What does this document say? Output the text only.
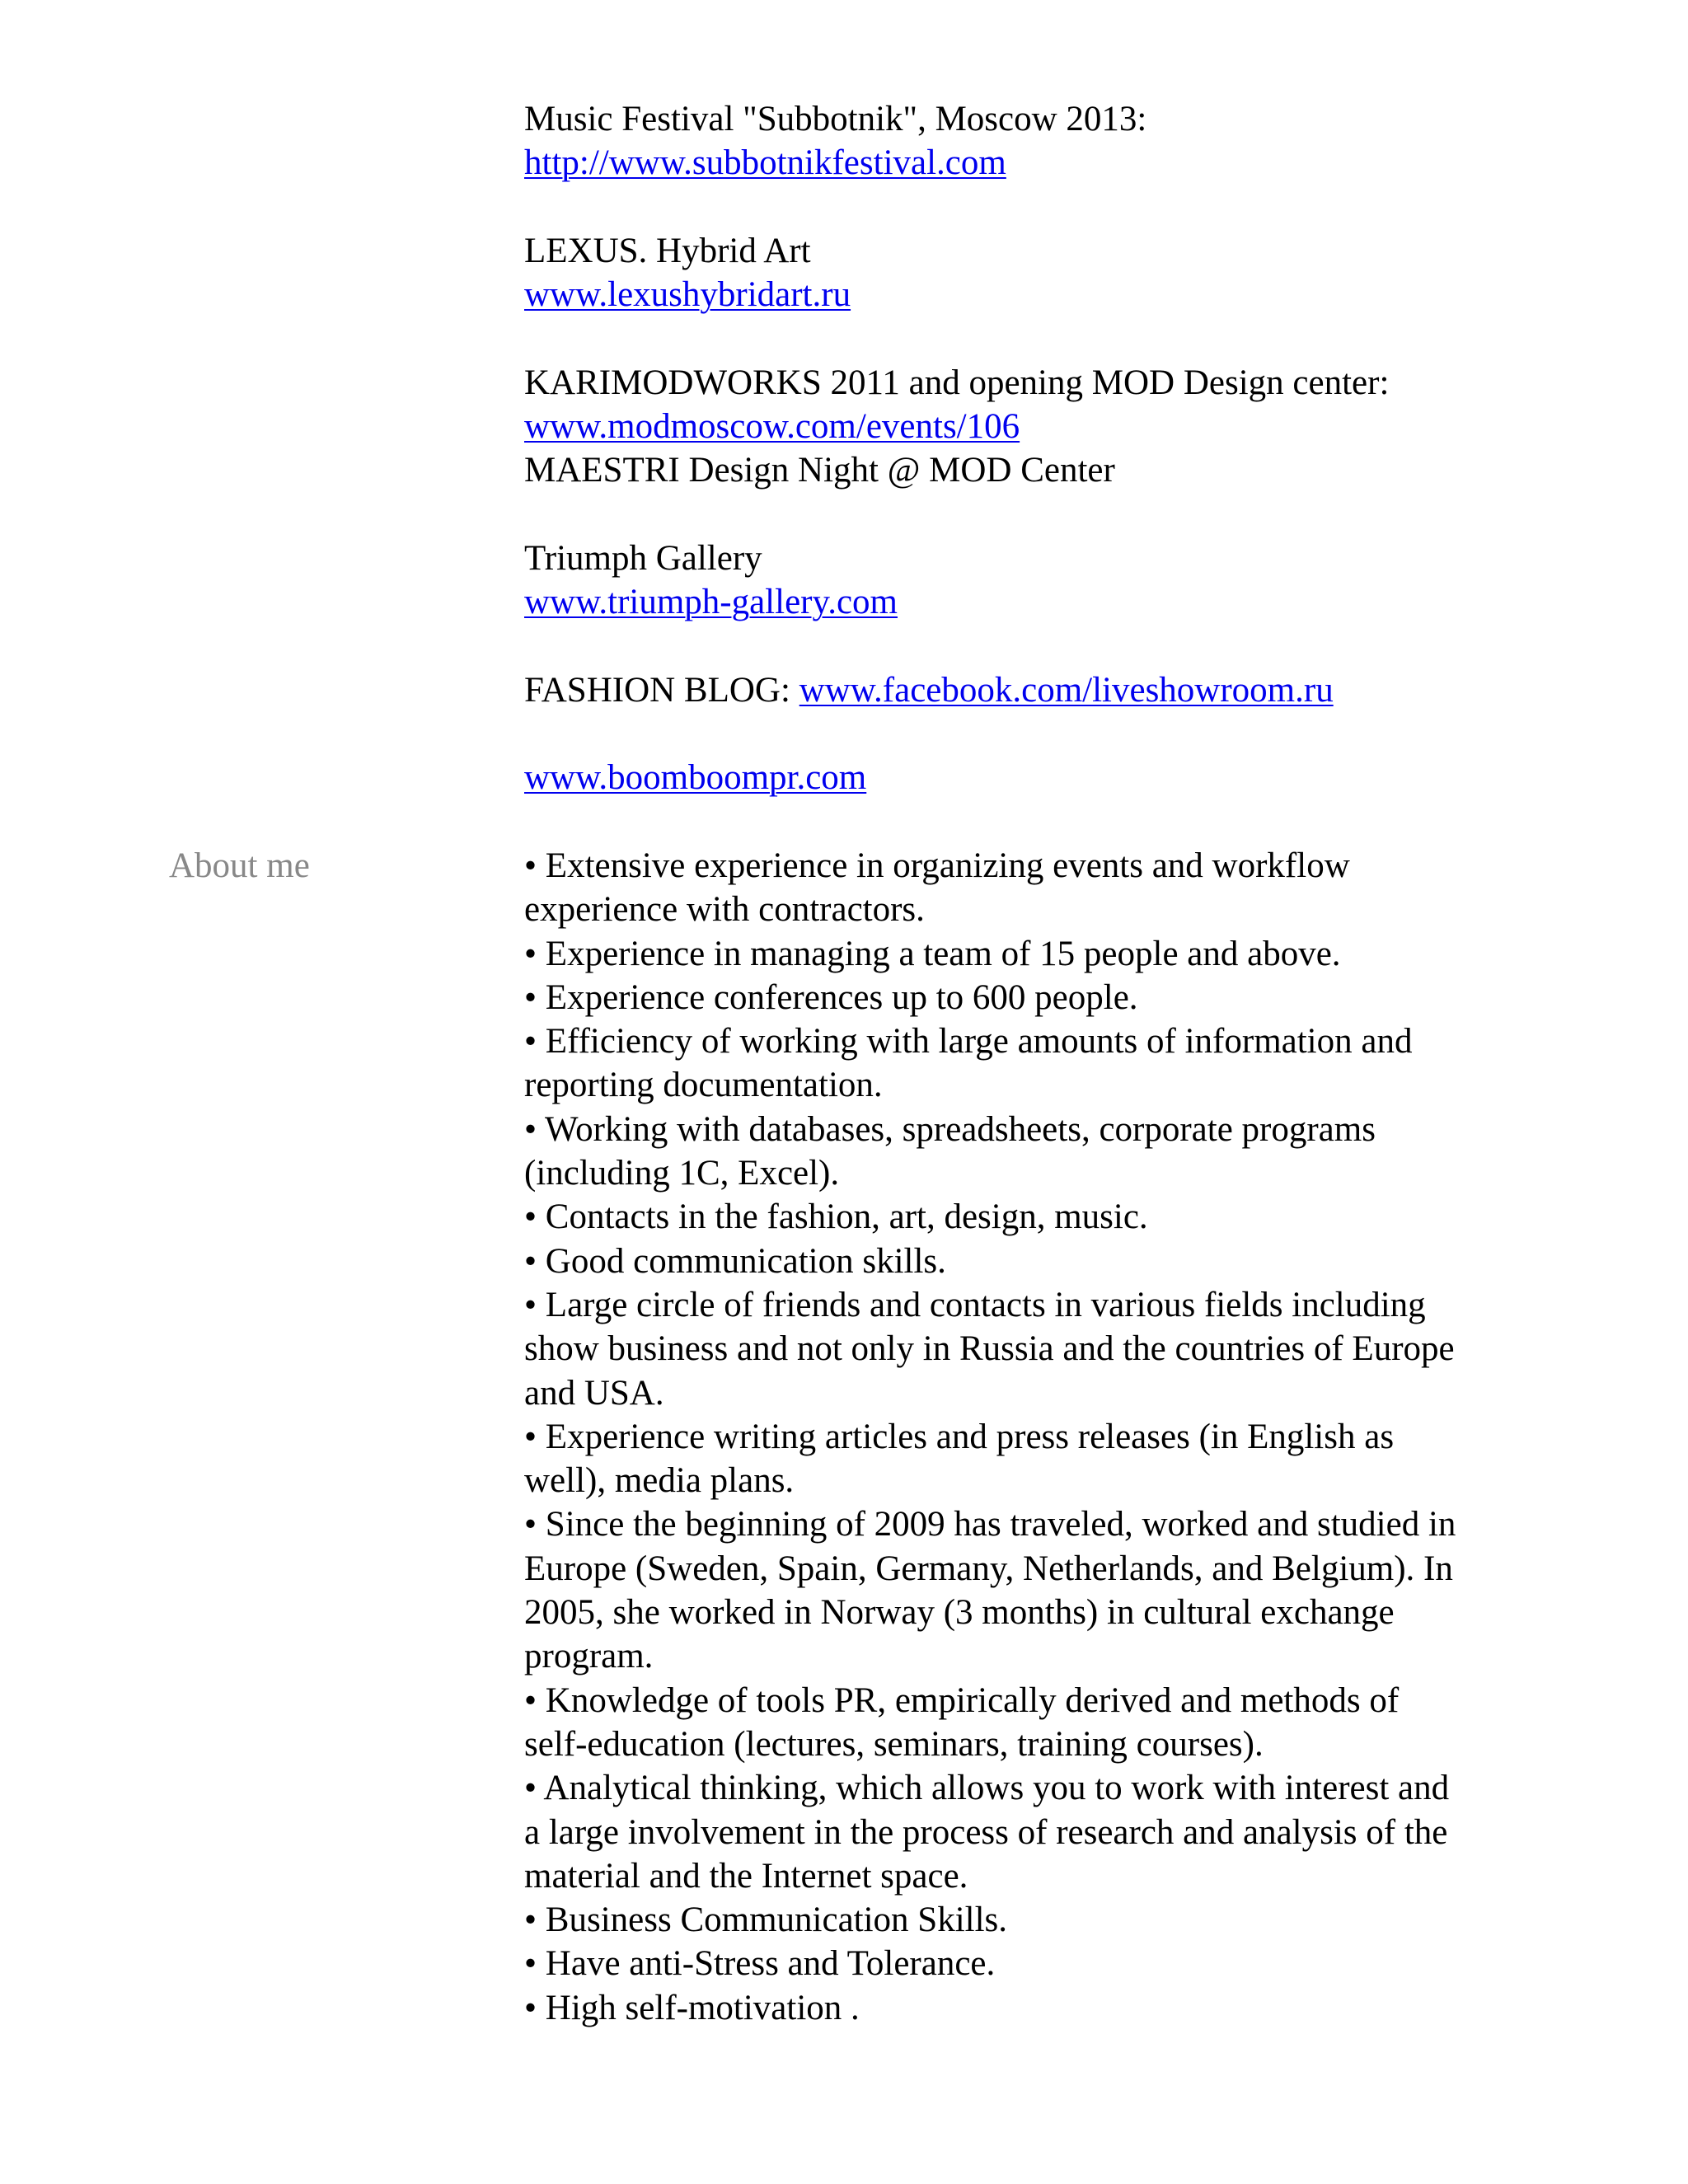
Music Festival "Subbotnik", Moscow 2013:
http://www.subbotnikfestival.com
LEXUS. Hybrid Art
www.lexushybridart.ru
KARIMODWORKS 2011 and opening MOD Design center:
www.modmoscow.com/events/106
MAESTRI Design Night @ MOD Center
Triumph Gallery
www.triumph-gallery.com
FASHION BLOG: www.facebook.com/liveshowroom.ru
www.boomboompr.com
About me	• Extensive experience in organizing events and workflow
experience with contractors.
• Experience in managing a team of 15 people and above.
• Experience conferences up to 600 people.
• Efficiency of working with large amounts of information and
reporting documentation.
• Working with databases, spreadsheets, corporate programs
(including 1C, Excel).
• Contacts in the fashion, art, design, music.
• Good communication skills.
• Large circle of friends and contacts in various fields including
show business and not only in Russia and the countries of Europe
and USA.
• Experience writing articles and press releases (in English as
well), media plans.
• Since the beginning of 2009 has traveled, worked and studied in
Europe (Sweden, Spain, Germany, Netherlands, and Belgium). In
2005, she worked in Norway (3 months) in cultural exchange
program.
• Knowledge of tools PR, empirically derived and methods of
self-education (lectures, seminars, training courses).
• Analytical thinking, which allows you to work with interest and
a large involvement in the process of research and analysis of the
material and the Internet space.
• Business Communication Skills.
• Have anti-Stress and Tolerance.
• High self-motivation .
